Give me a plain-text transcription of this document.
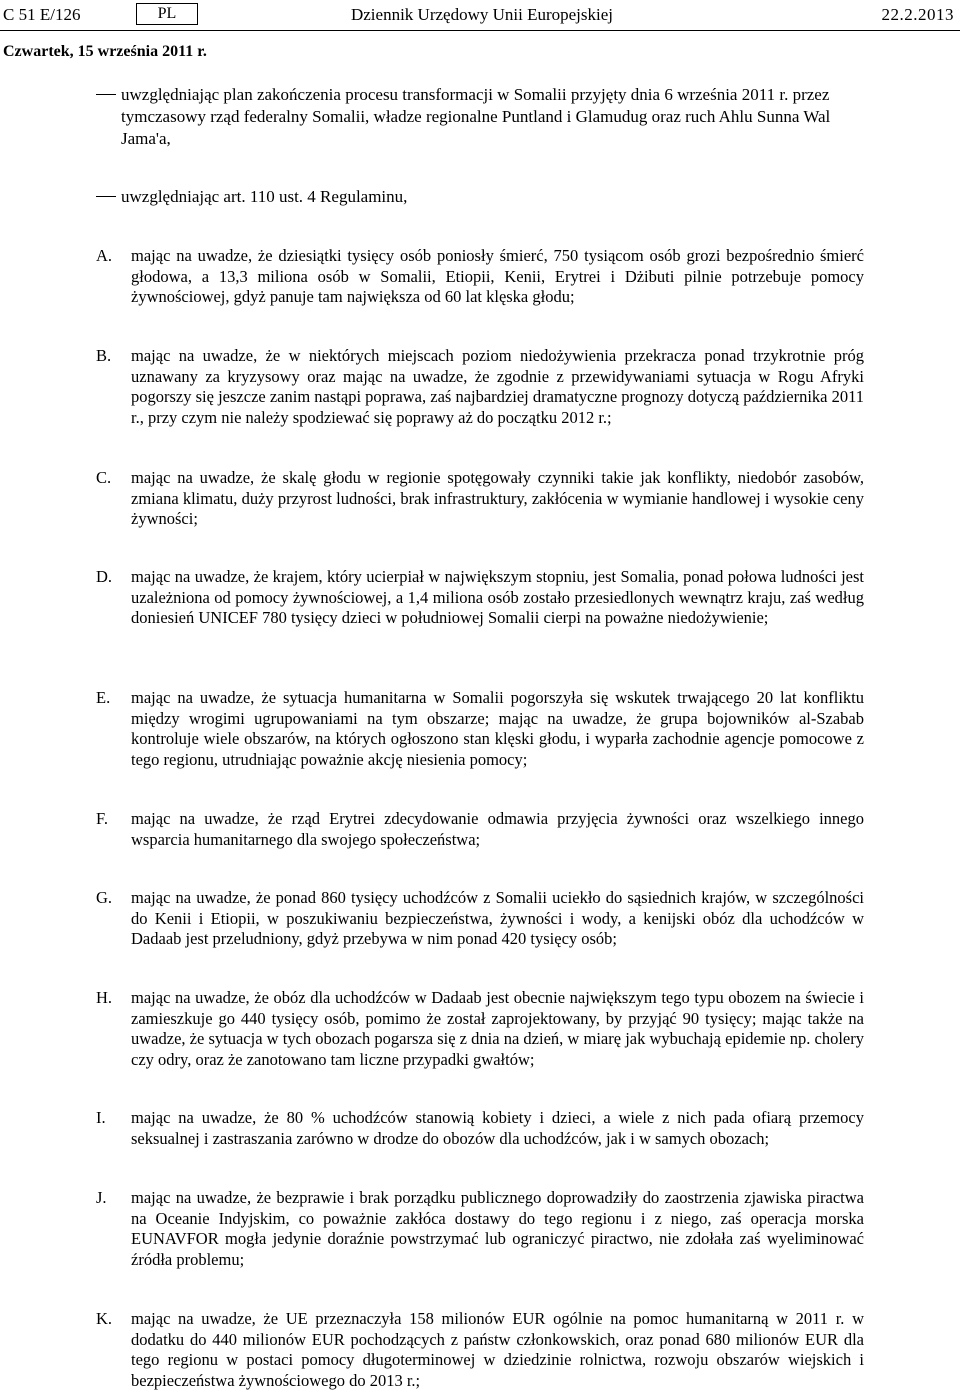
C 51 E/126	PL	Dziennik Urzędowy Unii Europejskiej	22.2.2013
Czwartek, 15 września 2011 r.
uwzględniając plan zakończenia procesu transformacji w Somalii przyjęty dnia 6 września 2011 r. przez tymczasowy rząd federalny Somalii, władze regionalne Puntland i Glamudug oraz ruch Ahlu Sunna Wal Jama'a,
uwzględniając art. 110 ust. 4 Regulaminu,
A.	mając na uwadze, że dziesiątki tysięcy osób poniosły śmierć, 750 tysiącom osób grozi bezpośrednio śmierć głodowa, a 13,3 miliona osób w Somalii, Etiopii, Kenii, Erytrei i Dżibuti pilnie potrzebuje pomocy żywnościowej, gdyż panuje tam największa od 60 lat klęska głodu;
B.	mając na uwadze, że w niektórych miejscach poziom niedożywienia przekracza ponad trzykrotnie próg uznawany za kryzysowy oraz mając na uwadze, że zgodnie z przewidywaniami sytuacja w Rogu Afryki pogorszy się jeszcze zanim nastąpi poprawa, zaś najbardziej dramatyczne prognozy dotyczą października 2011 r., przy czym nie należy spodziewać się poprawy aż do początku 2012 r.;
C.	mając na uwadze, że skalę głodu w regionie spotęgowały czynniki takie jak konflikty, niedobór zasobów, zmiana klimatu, duży przyrost ludności, brak infrastruktury, zakłócenia w wymianie handlowej i wysokie ceny żywności;
D.	mając na uwadze, że krajem, który ucierpiał w największym stopniu, jest Somalia, ponad połowa ludności jest uzależniona od pomocy żywnościowej, a 1,4 miliona osób zostało przesiedlonych wewnątrz kraju, zaś według doniesień UNICEF 780 tysięcy dzieci w południowej Somalii cierpi na poważne niedożywienie;
E.	mając na uwadze, że sytuacja humanitarna w Somalii pogorszyła się wskutek trwającego 20 lat konfliktu między wrogimi ugrupowaniami na tym obszarze; mając na uwadze, że grupa bojowników al-Szabab kontroluje wiele obszarów, na których ogłoszono stan klęski głodu, i wyparła zachodnie agencje pomocowe z tego regionu, utrudniając poważnie akcję niesienia pomocy;
F.	mając na uwadze, że rząd Erytrei zdecydowanie odmawia przyjęcia żywności oraz wszelkiego innego wsparcia humanitarnego dla swojego społeczeństwa;
G.	mając na uwadze, że ponad 860 tysięcy uchodźców z Somalii uciekło do sąsiednich krajów, w szczególności do Kenii i Etiopii, w poszukiwaniu bezpieczeństwa, żywności i wody, a kenijski obóz dla uchodźców w Dadaab jest przeludniony, gdyż przebywa w nim ponad 420 tysięcy osób;
H.	mając na uwadze, że obóz dla uchodźców w Dadaab jest obecnie największym tego typu obozem na świecie i zamieszkuje go 440 tysięcy osób, pomimo że został zaprojektowany, by przyjąć 90 tysięcy; mając także na uwadze, że sytuacja w tych obozach pogarsza się z dnia na dzień, w miarę jak wybuchają epidemie np. cholery czy odry, oraz że zanotowano tam liczne przypadki gwałtów;
I.	mając na uwadze, że 80 % uchodźców stanowią kobiety i dzieci, a wiele z nich pada ofiarą przemocy seksualnej i zastraszania zarówno w drodze do obozów dla uchodźców, jak i w samych obozach;
J.	mając na uwadze, że bezprawie i brak porządku publicznego doprowadziły do zaostrzenia zjawiska piractwa na Oceanie Indyjskim, co poważnie zakłóca dostawy do tego regionu i z niego, zaś operacja morska EUNAVFOR mogła jedynie doraźnie powstrzymać lub ograniczyć piractwo, nie zdołała zaś wyeliminować źródła problemu;
K.	mając na uwadze, że UE przeznaczyła 158 milionów EUR ogólnie na pomoc humanitarną w 2011 r. w dodatku do 440 milionów EUR pochodzących z państw członkowskich, oraz ponad 680 milionów EUR dla tego regionu w postaci pomocy długoterminowej w dziedzinie rolnictwa, rozwoju obszarów wiejskich i bezpieczeństwa żywnościowego do 2013 r.;
